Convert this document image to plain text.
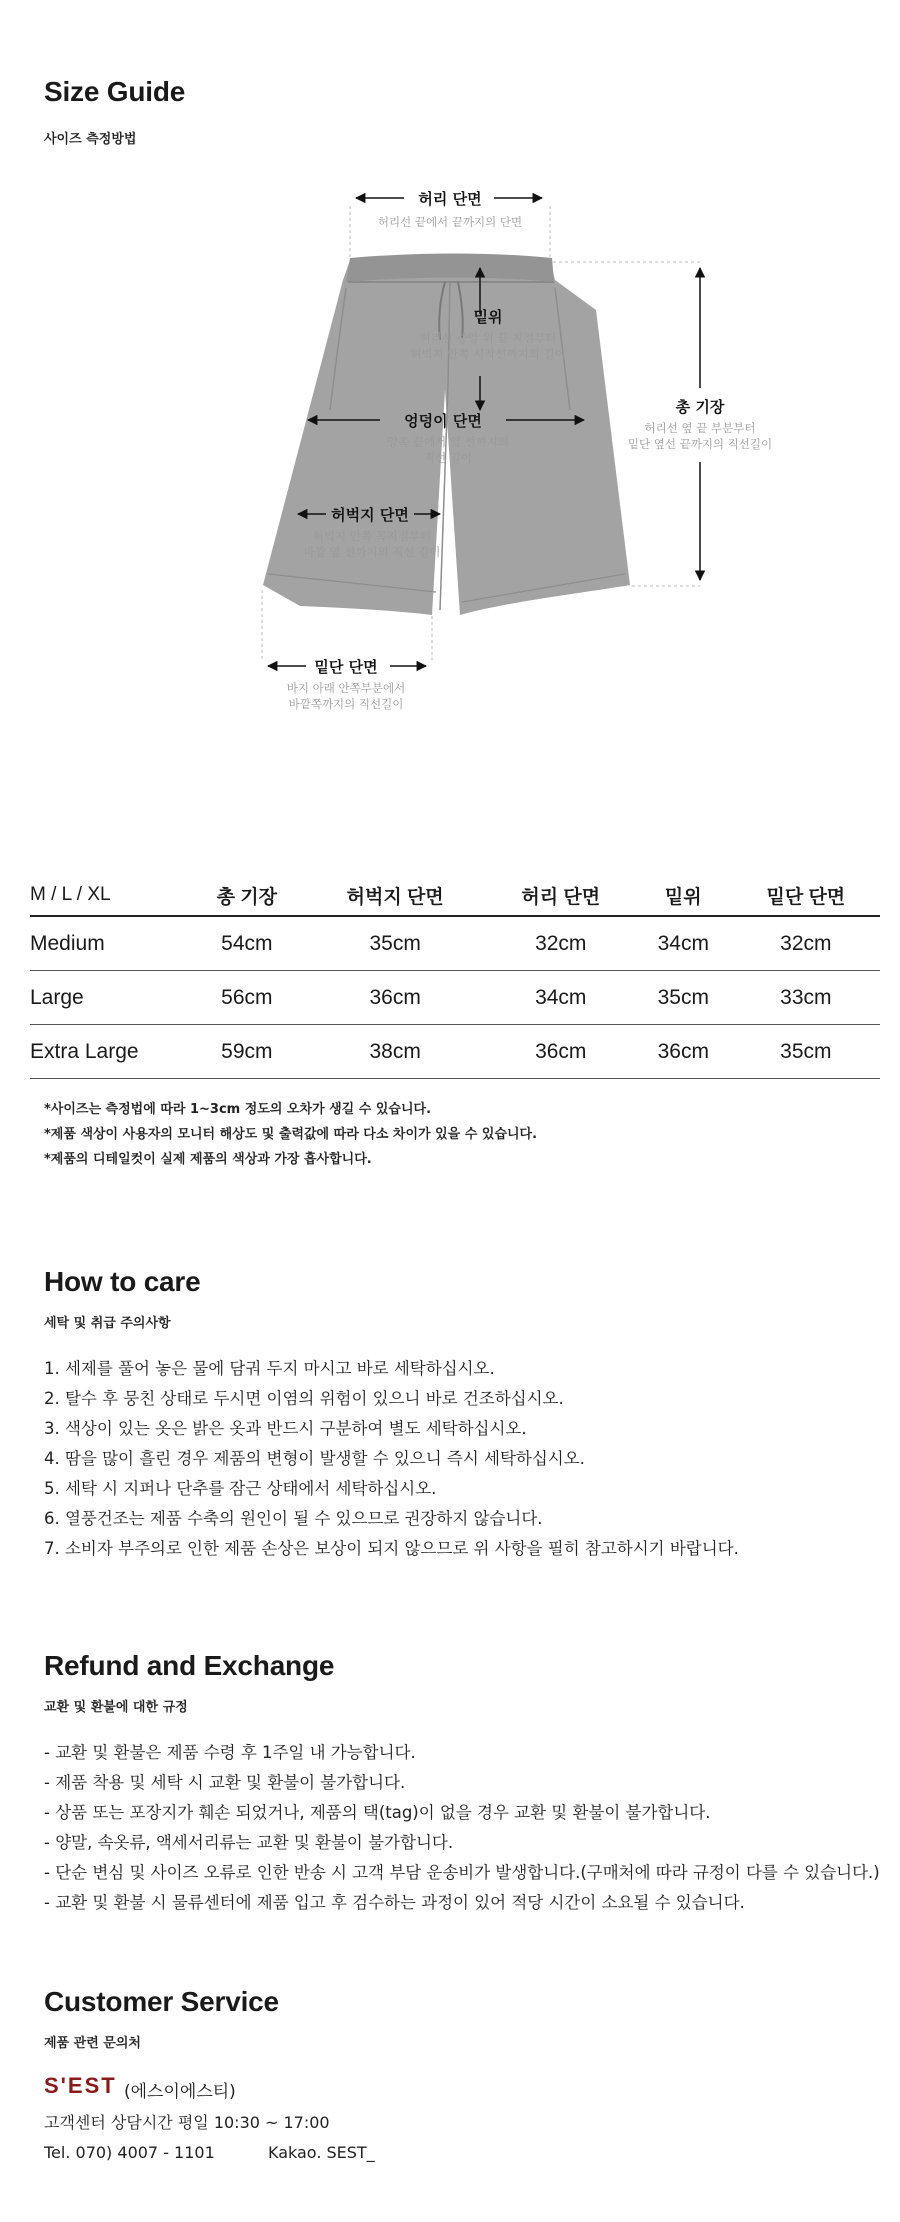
Size Guide
사이즈 측정방법
허리 단면
허리선 끝에서 끝까지의 단면
밑위
허리선 중앙 위 끝 지점부터
허벅지 안쪽 시작선까지의 길이
엉덩이 단면
양쪽 끝에서 옆 선까지의
직선 길이
허벅지 단면
허벅지 안쪽 꼭지점부터
바깥 옆 선까지의 직선 길이
총 기장
허리선 옆 끝 부분부터
밑단 옆선 끝까지의 직선길이
밑단 단면
바지 아래 안쪽부분에서
바깥쪽까지의 직선길이
M / L / XL	총 기장	허벅지 단면	허리 단면	밑위	밑단 단면
Medium	54cm	35cm	32cm	34cm	32cm
Large	56cm	36cm	34cm	35cm	33cm
Extra Large	59cm	38cm	36cm	36cm	35cm
*사이즈는 측정법에 따라 1~3cm 정도의 오차가 생길 수 있습니다.
*제품 색상이 사용자의 모니터 해상도 및 출력값에 따라 다소 차이가 있을 수 있습니다.
*제품의 디테일컷이 실제 제품의 색상과 가장 흡사합니다.
How to care
세탁 및 취급 주의사항
1. 세제를 풀어 놓은 물에 담궈 두지 마시고 바로 세탁하십시오.
2. 탈수 후 뭉친 상태로 두시면 이염의 위험이 있으니 바로 건조하십시오.
3. 색상이 있는 옷은 밝은 옷과 반드시 구분하여 별도 세탁하십시오.
4. 땀을 많이 흘린 경우 제품의 변형이 발생할 수 있으니 즉시 세탁하십시오.
5. 세탁 시 지퍼나 단추를 잠근 상태에서 세탁하십시오.
6. 열풍건조는 제품 수축의 원인이 될 수 있으므로 권장하지 않습니다.
7. 소비자 부주의로 인한 제품 손상은 보상이 되지 않으므로 위 사항을 필히 참고하시기 바랍니다.
Refund and Exchange
교환 및 환불에 대한 규정
- 교환 및 환불은 제품 수령 후 1주일 내 가능합니다.
- 제품 착용 및 세탁 시 교환 및 환불이 불가합니다.
- 상품 또는 포장지가 훼손 되었거나, 제품의 택(tag)이 없을 경우 교환 및 환불이 불가합니다.
- 양말, 속옷류, 액세서리류는 교환 및 환불이 불가합니다.
- 단순 변심 및 사이즈 오류로 인한 반송 시 고객 부담 운송비가 발생합니다.(구매처에 따라 규정이 다를 수 있습니다.)
- 교환 및 환불 시 물류센터에 제품 입고 후 검수하는 과정이 있어 적당 시간이 소요될 수 있습니다.
Customer Service
제품 관련 문의처
S'EST (에스이에스티)
고객센터 상담시간 평일 10:30 ~ 17:00
Tel. 070) 4007 - 1101	Kakao. SEST_
